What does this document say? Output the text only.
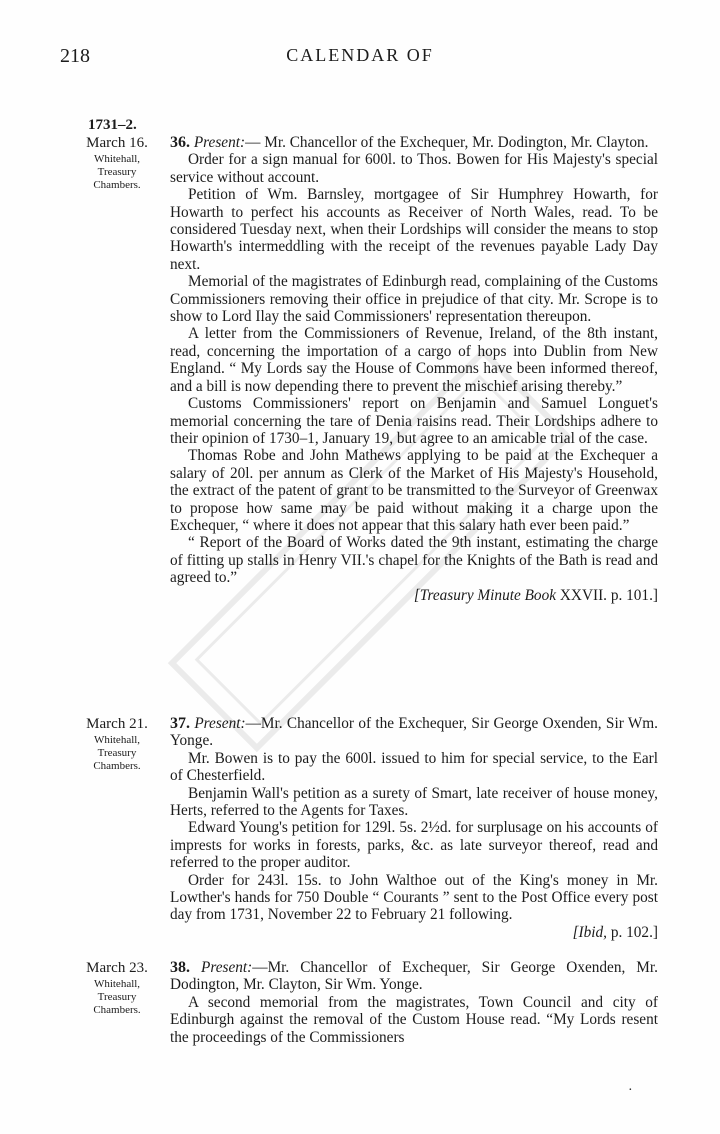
218	CALENDAR OF
1731–2.
March 16.
Whitehall,
Treasury
Chambers.

36. Present:— Mr. Chancellor of the Exchequer, Mr. Dodington, Mr. Clayton.

Order for a sign manual for 600l. to Thos. Bowen for His Majesty's special service without account.

Petition of Wm. Barnsley, mortgagee of Sir Humphrey Howarth, for Howarth to perfect his accounts as Receiver of North Wales, read. To be considered Tuesday next, when their Lordships will consider the means to stop Howarth's intermeddling with the receipt of the revenues payable Lady Day next.

Memorial of the magistrates of Edinburgh read, complaining of the Customs Commissioners removing their office in prejudice of that city. Mr. Scrope is to show to Lord Ilay the said Commissioners' representation thereupon.

A letter from the Commissioners of Revenue, Ireland, of the 8th instant, read, concerning the importation of a cargo of hops into Dublin from New England. “ My Lords say the House of Commons have been informed thereof, and a bill is now depending there to prevent the mischief arising thereby.”

Customs Commissioners' report on Benjamin and Samuel Longuet's memorial concerning the tare of Denia raisins read. Their Lordships adhere to their opinion of 1730–1, January 19, but agree to an amicable trial of the case.

Thomas Robe and John Mathews applying to be paid at the Exchequer a salary of 20l. per annum as Clerk of the Market of His Majesty's Household, the extract of the patent of grant to be transmitted to the Surveyor of Greenwax to propose how same may be paid without making it a charge upon the Exchequer, “ where it does not appear that this salary hath ever been paid.”

“ Report of the Board of Works dated the 9th instant, estimating the charge of fitting up stalls in Henry VII.'s chapel for the Knights of the Bath is read and agreed to.”

[Treasury Minute Book XXVII. p. 101.]
March 21.
Whitehall,
Treasury
Chambers.

37. Present:—Mr. Chancellor of the Exchequer, Sir George Oxenden, Sir Wm. Yonge.

Mr. Bowen is to pay the 600l. issued to him for special service, to the Earl of Chesterfield.

Benjamin Wall's petition as a surety of Smart, late receiver of house money, Herts, referred to the Agents for Taxes.

Edward Young's petition for 129l. 5s. 2½d. for surplusage on his accounts of imprests for works in forests, parks, &c. as late surveyor thereof, read and referred to the proper auditor.

Order for 243l. 15s. to John Walthoe out of the King's money in Mr. Lowther's hands for 750 Double “ Courants ” sent to the Post Office every post day from 1731, November 22 to February 21 following.

[Ibid, p. 102.]
March 23.
Whitehall,
Treasury
Chambers.

38. Present:—Mr. Chancellor of Exchequer, Sir George Oxenden, Mr. Dodington, Mr. Clayton, Sir Wm. Yonge.

A second memorial from the magistrates, Town Council and city of Edinburgh against the removal of the Custom House read. “My Lords resent the proceedings of the Commissioners

·
